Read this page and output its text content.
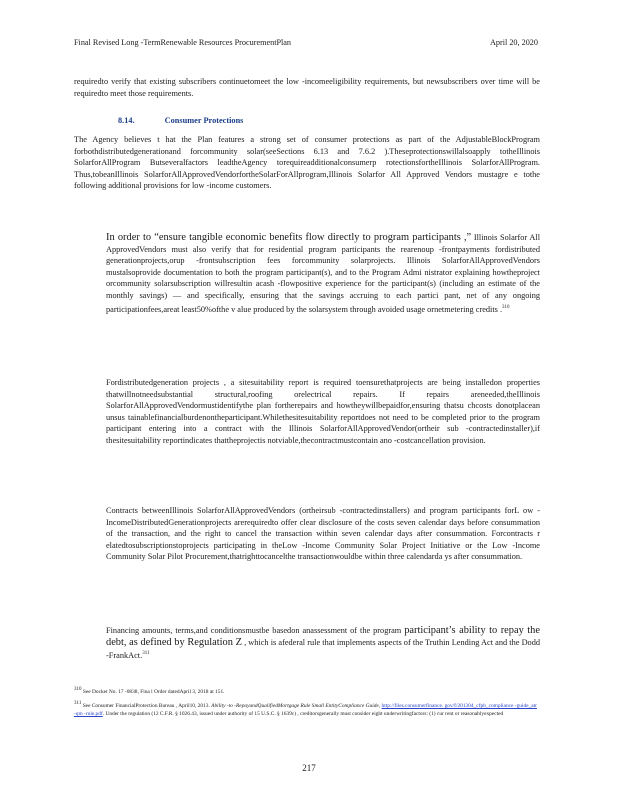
Final Revised Long -TermRenewable Resources ProcurementPlan	April 20, 2020

requiredto verify that existing subscribers continuetomeet the low -incomeeligibility requirements, but newsubscribers over time will be requiredto meet those requirements.

8.14.	Consumer Protections

The Agency believes t hat the Plan features a strong set of consumer protections as part of the AdjustableBlockProgram forbothdistributedgenerationand forcommunity solar(seeSections 6.13 and 7.6.2 ).Theseprotectionswillalsoapply totheIllinois SolarforAllProgram Butseveralfactors leadtheAgency torequireadditionalconsumerp rotectionsfortheIllinois SolarforAllProgram. Thus,tobeanIllinois SolarforAllApprovedVendorfortheSolarForAllprogram,Illinois Solarfor All Approved Vendors mustagre e tothe following additional provisions for low -income customers.

In order to “ensure tangible economic benefits flow directly to program participants ,” Illinois Solarfor All ApprovedVendors must also verify that for residential program participants the rearenoup -frontpayments fordistributed generationprojects,orup -frontsubscription fees forcommunity solarprojects. Illinois SolarforAllApprovedVendors mustalsoprovide documentation to both the program participant(s), and to the Program Admi nistrator explaining howtheproject orcommunity solarsubscription willresultin acash -flowpositive experience for the participant(s) (including an estimate of the monthly savings) — and specifically, ensuring that the savings accruing to each partici pant, net of any ongoing participationfees,areat least50%ofthe v alue produced by the solarsystem through avoided usage ornetmetering credits .$^{310}$

Fordistributedgeneration projects , a sitesuitability report is required toensurethatprojects are being installedon properties thatwillnotneedsubstantial structural,roofing orelectrical repairs. If repairs areneeded,theIllinois SolarforAllApprovedVendormustidentifythe plan fortherepairs and howtheywillbepaidfor,ensuring thatsu chcosts donotplacean unsus tainablefinancialburdenontheparticipant.Whilethesitesuitability reportdoes not need to be completed prior to the program participant entering into a contract with the Illinois SolarforAllApprovedVendor(ortheir sub -contractedinstaller),if thesitesuitability reportindicates thattheprojectis notviable,thecontractmustcontain ano -costcancellation provision.

Contracts betweenIllinois SolarforAllApprovedVendors (ortheirsub -contractedinstallers) and program participants forL ow -IncomeDistributedGenerationprojects arerequiredto offer clear disclosure of the costs seven calendar days before consummation of the transaction, and the right to cancel the transaction within seven calendar days after consummation. Forcontracts r elatedtosubscriptionstoprojects participating in theLow -Income Community Solar Project Initiative or the Low -Income Community Solar Pilot Procurement,thatrighttocancelthe transactionwouldbe within three calendarda ys after consummation.

Financing amounts, terms,and conditionsmustbe basedon anassessment of the program participant’s ability to repay the debt, as defined by Regulation Z , which is afederal rule that implements aspects of the Truthin Lending Act and the Dodd -FrankAct.$^{311}$

310 See Docket No. 17 -0838, Fina l Order datedApril 3, 2018 at 151.

311 See Consumer FinancialProtection Bureau , April10, 2013. Ability -to -RepayandQualifiedMortgage Rule Small EntityCompliance Guide, http://files.consumerfinance. gov/f/201304_cfpb_compliance -guide_atr -qm -rule.pdf. Under the regulation (12 C.F.R. § 1026.43, issued under authority of 15 U.S.C. § 1639c) , creditorsgenerally must consider eight underwritingfactors: (1) cur rent or reasonablyexpected

217
